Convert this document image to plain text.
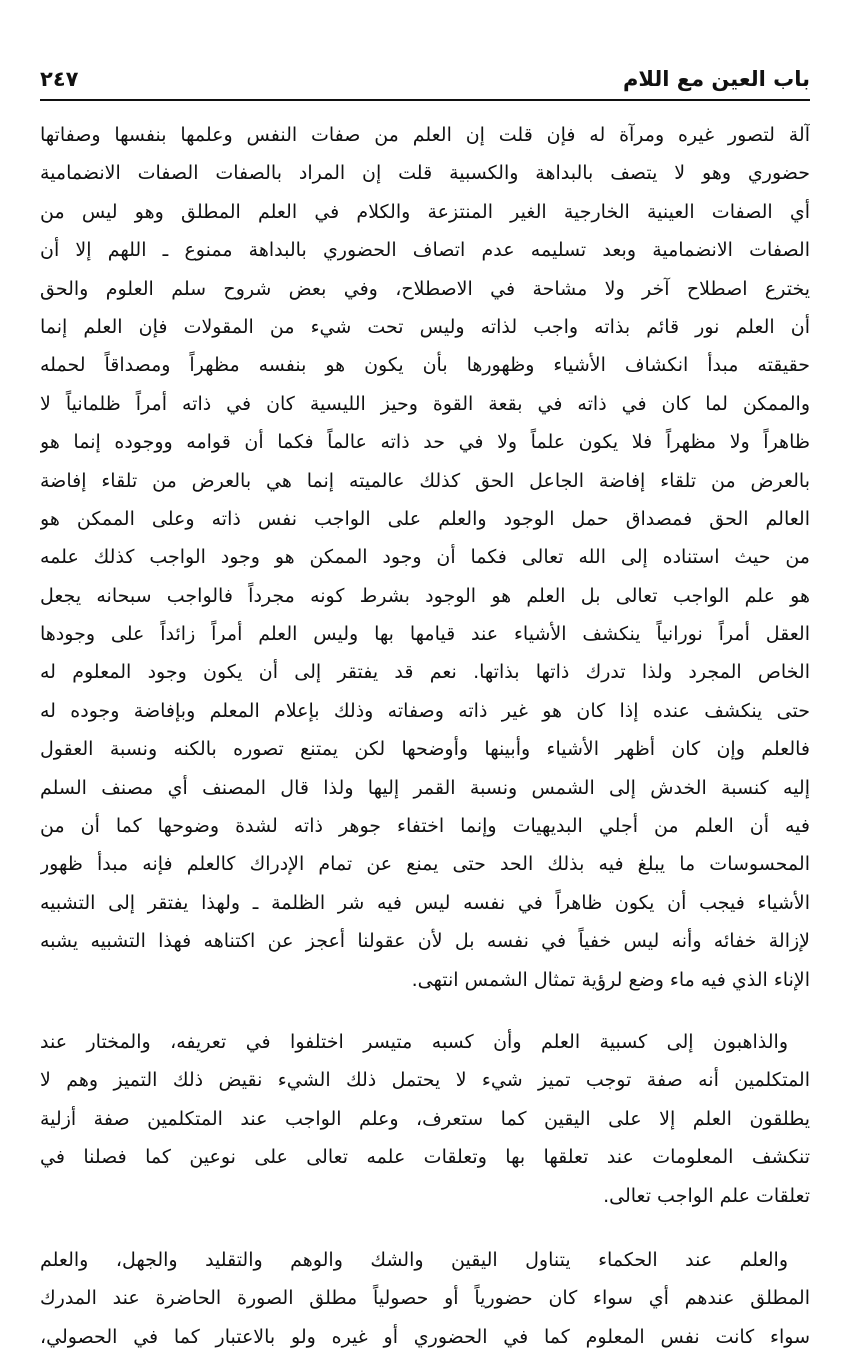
باب العين مع اللام
٢٤٧
آلة لتصور غيره ومرآة له فإن قلت إن العلم من صفات النفس وعلمها بنفسها وصفاتها
حضوري وهو لا يتصف بالبداهة والكسبية قلت إن المراد بالصفات الصفات الانضمامية
أي الصفات العينية الخارجية الغير المنتزعة والكلام في العلم المطلق وهو ليس من
الصفات الانضمامية وبعد تسليمه عدم اتصاف الحضوري بالبداهة ممنوع ـ اللهم إلا أن
يخترع اصطلاح آخر ولا مشاحة في الاصطلاح، وفي بعض شروح سلم العلوم والحق
أن العلم نور قائم بذاته واجب لذاته وليس تحت شيء من المقولات فإن العلم إنما
حقيقته مبدأ انكشاف الأشياء وظهورها بأن يكون هو بنفسه مظهراً ومصداقاً لحمله
والممكن لما كان في ذاته في بقعة القوة وحيز الليسية كان في ذاته أمراً ظلمانياً لا
ظاهراً ولا مظهراً فلا يكون علماً ولا في حد ذاته عالماً فكما أن قوامه ووجوده إنما هو
بالعرض من تلقاء إفاضة الجاعل الحق كذلك عالميته إنما هي بالعرض من تلقاء إفاضة
العالم الحق فمصداق حمل الوجود والعلم على الواجب نفس ذاته وعلى الممكن هو
من حيث استناده إلى الله تعالى فكما أن وجود الممكن هو وجود الواجب كذلك علمه
هو علم الواجب تعالى بل العلم هو الوجود بشرط كونه مجرداً فالواجب سبحانه يجعل
العقل أمراً نورانياً ينكشف الأشياء عند قيامها بها وليس العلم أمراً زائداً على وجودها
الخاص المجرد ولذا تدرك ذاتها بذاتها. نعم قد يفتقر إلى أن يكون وجود المعلوم له
حتى ينكشف عنده إذا كان هو غير ذاته وصفاته وذلك بإعلام المعلم وبإفاضة وجوده له
فالعلم وإن كان أظهر الأشياء وأبينها وأوضحها لكن يمتنع تصوره بالكنه ونسبة العقول
إليه كنسبة الخدش إلى الشمس ونسبة القمر إليها ولذا قال المصنف أي مصنف السلم
فيه أن العلم من أجلي البديهيات وإنما اختفاء جوهر ذاته لشدة وضوحها كما أن من
المحسوسات ما يبلغ فيه بذلك الحد حتى يمنع عن تمام الإدراك كالعلم فإنه مبدأ ظهور
الأشياء فيجب أن يكون ظاهراً في نفسه ليس فيه شر الظلمة ـ ولهذا يفتقر إلى التشبيه
لإزالة خفائه وأنه ليس خفياً في نفسه بل لأن عقولنا أعجز عن اكتناهه فهذا التشبيه يشبه
الإناء الذي فيه ماء وضع لرؤية تمثال الشمس انتهى.
والذاهبون إلى كسبية العلم وأن كسبه متيسر اختلفوا في تعريفه، والمختار عند
المتكلمين أنه صفة توجب تميز شيء لا يحتمل ذلك الشيء نقيض ذلك التميز وهم لا
يطلقون العلم إلا على اليقين كما ستعرف، وعلم الواجب عند المتكلمين صفة أزلية
تنكشف المعلومات عند تعلقها بها وتعلقات علمه تعالى على نوعين كما فصلنا في
تعلقات علم الواجب تعالى.
والعلم عند الحكماء يتناول اليقين والشك والوهم والتقليد والجهل، والعلم
المطلق عندهم أي سواء كان حضورياً أو حصولياً مطلق الصورة الحاضرة عند المدرك
سواء كانت نفس المعلوم كما في الحضوري أو غيره ولو بالاعتبار كما في الحصولي،
